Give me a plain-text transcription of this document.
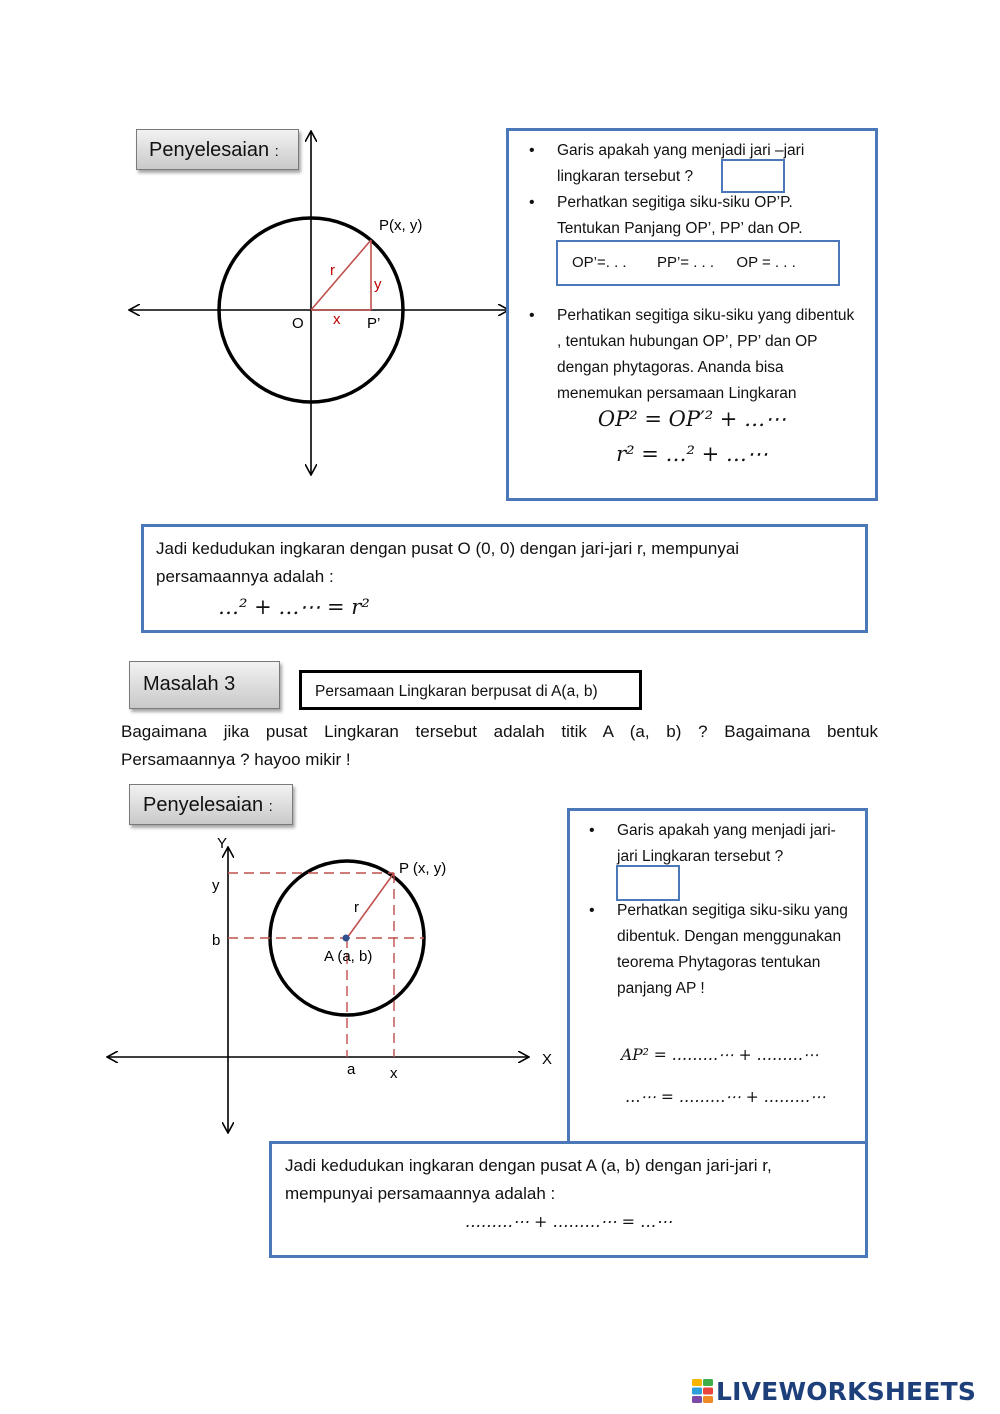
Penyelesaian :
P(x, y)
r
y
x
O	P’
• Garis apakah yang menjadi jari –jari lingkaran tersebut ?
• Perhatkan segitiga siku-siku OP’P.
Tentukan Panjang OP’, PP’ dan OP.
OP’=. . . PP’= . . . OP = . . .
• Perhatikan segitiga siku-siku yang dibentuk , tentukan hubungan OP’, PP’ dan OP dengan phytagoras. Ananda bisa menemukan persamaan Lingkaran
OP² = OP′² + …⋯
r² = …² + …⋯
Jadi kedudukan ingkaran dengan pusat O (0, 0) dengan jari-jari r, mempunyai
persamaannya adalah :
…² + …⋯ = r²
Masalah 3	Persamaan Lingkaran berpusat di A(a, b)
Bagaimana jika pusat Lingkaran tersebut adalah titik A (a, b) ? Bagaimana bentuk
Persamaannya ? hayoo mikir !
Penyelesaian :
Y
X
y
b
a x
P (x, y)
r
A (a, b)
• Garis apakah yang menjadi jari-jari Lingkaran tersebut ?
• Perhatkan segitiga siku-siku yang dibentuk. Dengan menggunakan teorema Phytagoras tentukan panjang AP !
AP² = ………⋯ + ………⋯
…⋯ = ………⋯ + ………⋯
Jadi kedudukan ingkaran dengan pusat A (a, b) dengan jari-jari r,
mempunyai persamaannya adalah :
………⋯ + ………⋯ = …⋯
LIVEWORKSHEETS
